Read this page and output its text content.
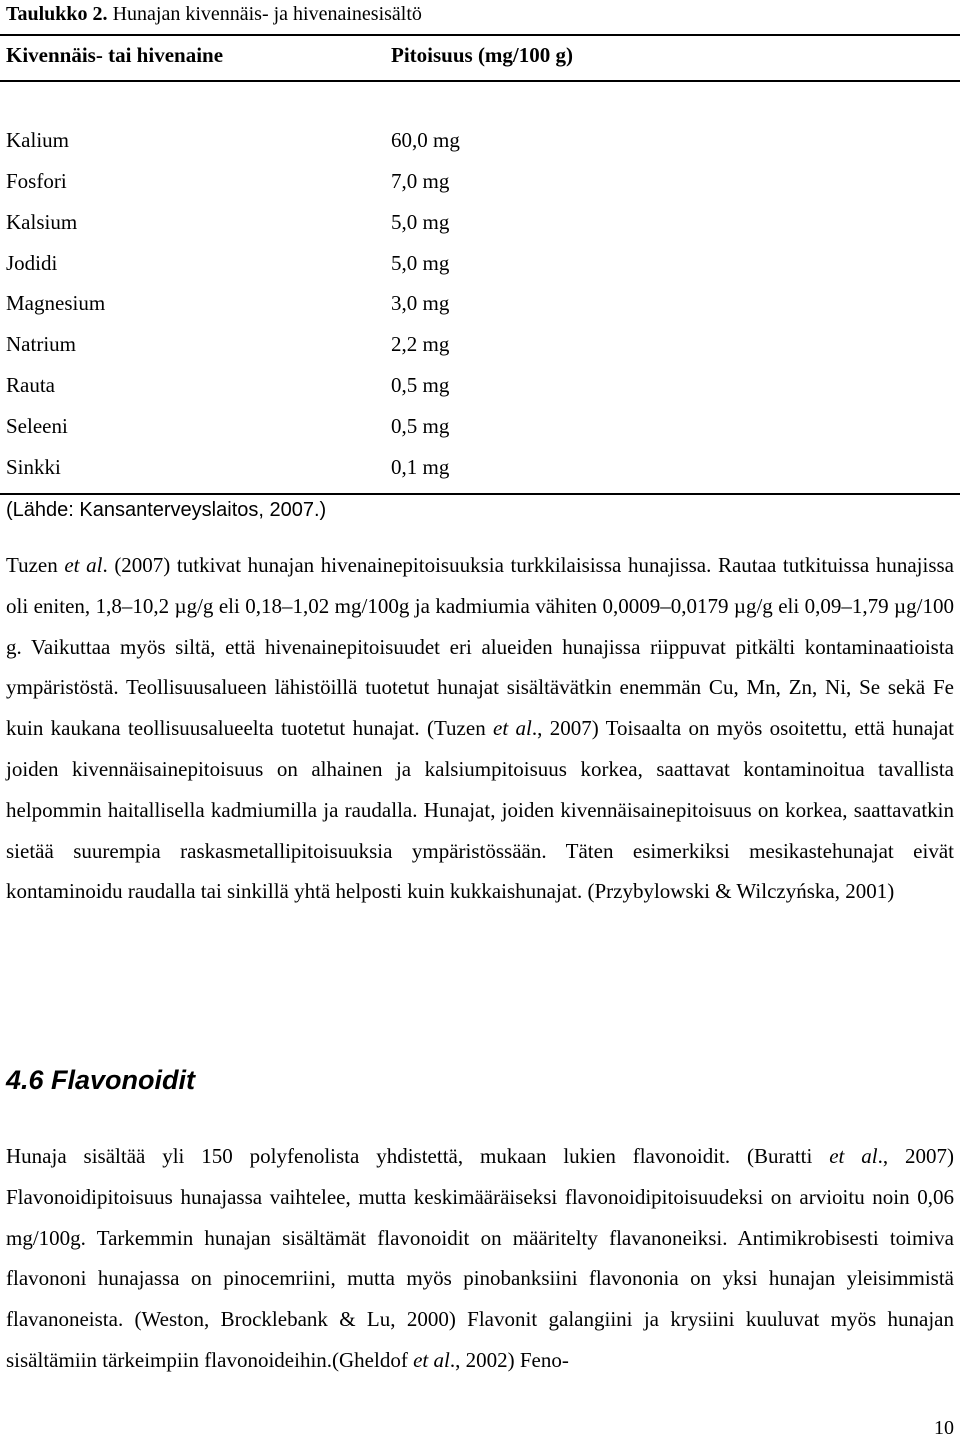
Taulukko 2. Hunajan kivennäis- ja hivenainesisältö
Kivennäis- tai hivenaine	Pitoisuus (mg/100 g)
Kalium	60,0 mg
Fosfori	7,0 mg
Kalsium	5,0 mg
Jodidi	5,0 mg
Magnesium	3,0 mg
Natrium	2,2 mg
Rauta	0,5 mg
Seleeni	0,5 mg
Sinkki	0,1 mg
(Lähde: Kansanterveyslaitos, 2007.)

Tuzen et al. (2007) tutkivat hunajan hivenainepitoisuuksia turkkilaisissa hunajissa. Rautaa tutkituissa hunajissa oli eniten, 1,8–10,2 µg/g eli 0,18–1,02 mg/100g ja kadmiumia vähiten 0,0009–0,0179 µg/g eli 0,09–1,79 µg/100 g. Vaikuttaa myös siltä, että hivenainepitoisuudet eri alueiden hunajissa riippuvat pitkälti kontaminaatioista ympäristöstä. Teollisuusalueen lähistöillä tuotetut hunajat sisältävätkin enemmän Cu, Mn, Zn, Ni, Se sekä Fe kuin kaukana teollisuusalueelta tuotetut hunajat. (Tuzen et al., 2007) Toisaalta on myös osoitettu, että hunajat joiden kivennäisainepitoisuus on alhainen ja kalsiumpitoisuus korkea, saattavat kontaminoitua tavallista helpommin haitallisella kadmiumilla ja raudalla. Hunajat, joiden kivennäisainepitoisuus on korkea, saattavatkin sietää suurempia raskasmetallipitoisuuksia ympäristössään. Täten esimerkiksi mesikastehunajat eivät kontaminoidu raudalla tai sinkillä yhtä helposti kuin kukkaishunajat. (Przybylowski & Wilczyńska, 2001)

4.6 Flavonoidit

Hunaja sisältää yli 150 polyfenolista yhdistettä, mukaan lukien flavonoidit. (Buratti et al., 2007) Flavonoidipitoisuus hunajassa vaihtelee, mutta keskimääräiseksi flavonoidipitoisuudeksi on arvioitu noin 0,06 mg/100g. Tarkemmin hunajan sisältämät flavonoidit on määritelty flavanoneiksi. Antimikrobisesti toimiva flavononi hunajassa on pinocemriini, mutta myös pinobanksiini flavononia on yksi hunajan yleisimmistä flavanoneista. (Weston, Brocklebank & Lu, 2000) Flavonit galangiini ja krysiini kuuluvat myös hunajan sisältämiin tärkeimpiin flavonoideihin.(Gheldof et al., 2002) Feno-

10
